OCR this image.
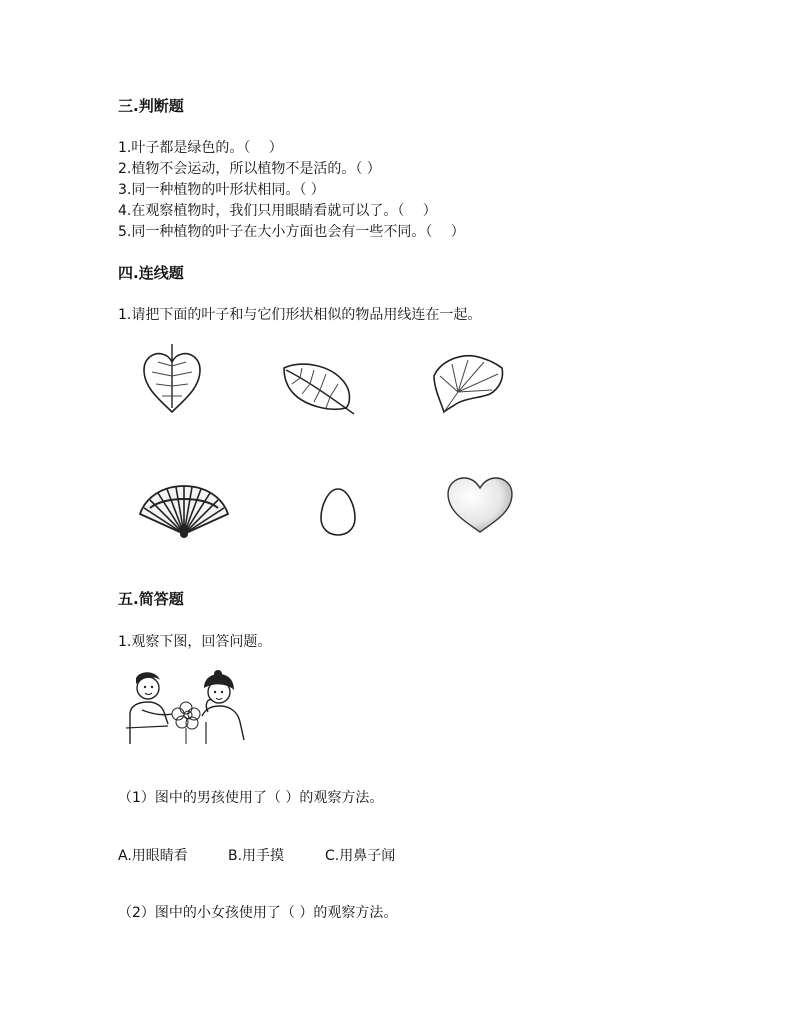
三.判断题
1.叶子都是绿色的。（　 ）
2.植物不会运动，所以植物不是活的。（ ）
3.同一种植物的叶形状相同。（ ）
4.在观察植物时，我们只用眼睛看就可以了。（　 ）
5.同一种植物的叶子在大小方面也会有一些不同。（　 ）
四.连线题
1.请把下面的叶子和与它们形状相似的物品用线连在一起。
五.简答题
1.观察下图，回答问题。
（1）图中的男孩使用了（ ）的观察方法。
A.用眼睛看	B.用手摸	C.用鼻子闻
（2）图中的小女孩使用了（ ）的观察方法。
